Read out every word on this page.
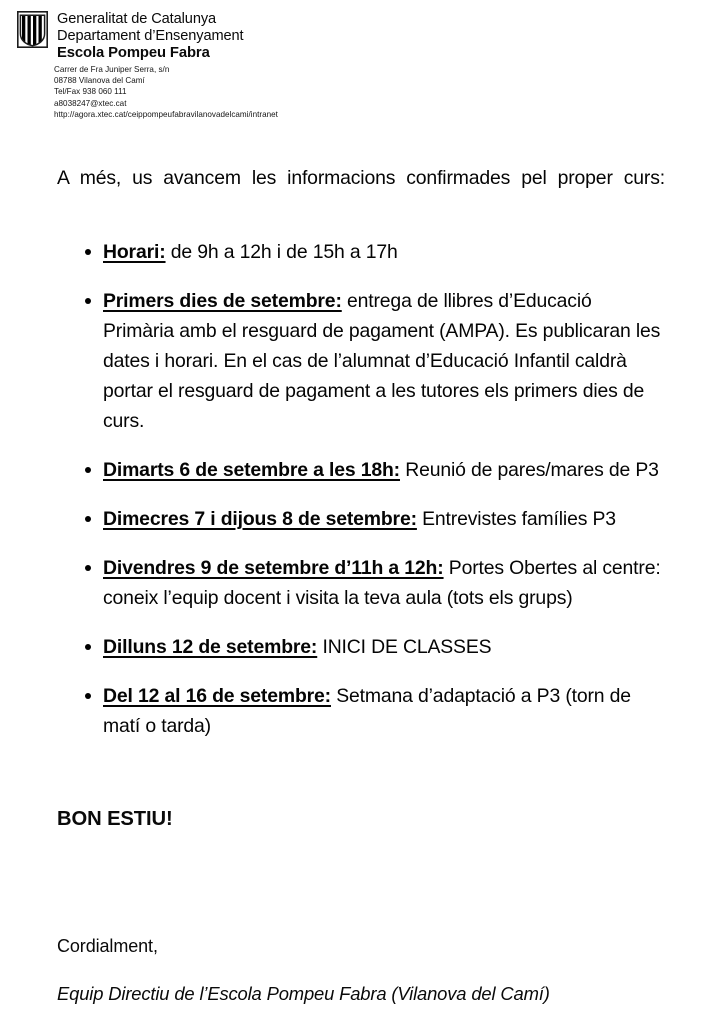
Generalitat de Catalunya
Departament d’Ensenyament
Escola Pompeu Fabra
Carrer de Fra Juniper Serra, s/n
08788 Vilanova del Camí
Tel/Fax 938 060 111
a8038247@xtec.cat
http://agora.xtec.cat/ceippompeufabravilanovadelcami/intranet

A més, us avancem les informacions confirmades pel proper curs:

Horari: de 9h a 12h i de 15h a 17h
Primers dies de setembre: entrega de llibres d’Educació Primària amb el resguard de pagament (AMPA). Es publicaran les dates i horari. En el cas de l’alumnat d’Educació Infantil caldrà portar el resguard de pagament a les tutores els primers dies de curs.
Dimarts 6 de setembre a les 18h: Reunió de pares/mares de P3
Dimecres 7 i dijous 8 de setembre: Entrevistes famílies P3
Divendres 9 de setembre d’11h a 12h: Portes Obertes al centre: coneix l’equip docent i visita la teva aula (tots els grups)
Dilluns 12 de setembre: INICI DE CLASSES
Del 12 al 16 de setembre: Setmana d’adaptació a P3 (torn de matí o tarda)
BON ESTIU!

Cordialment,

Equip Directiu de l’Escola Pompeu Fabra (Vilanova del Camí)
